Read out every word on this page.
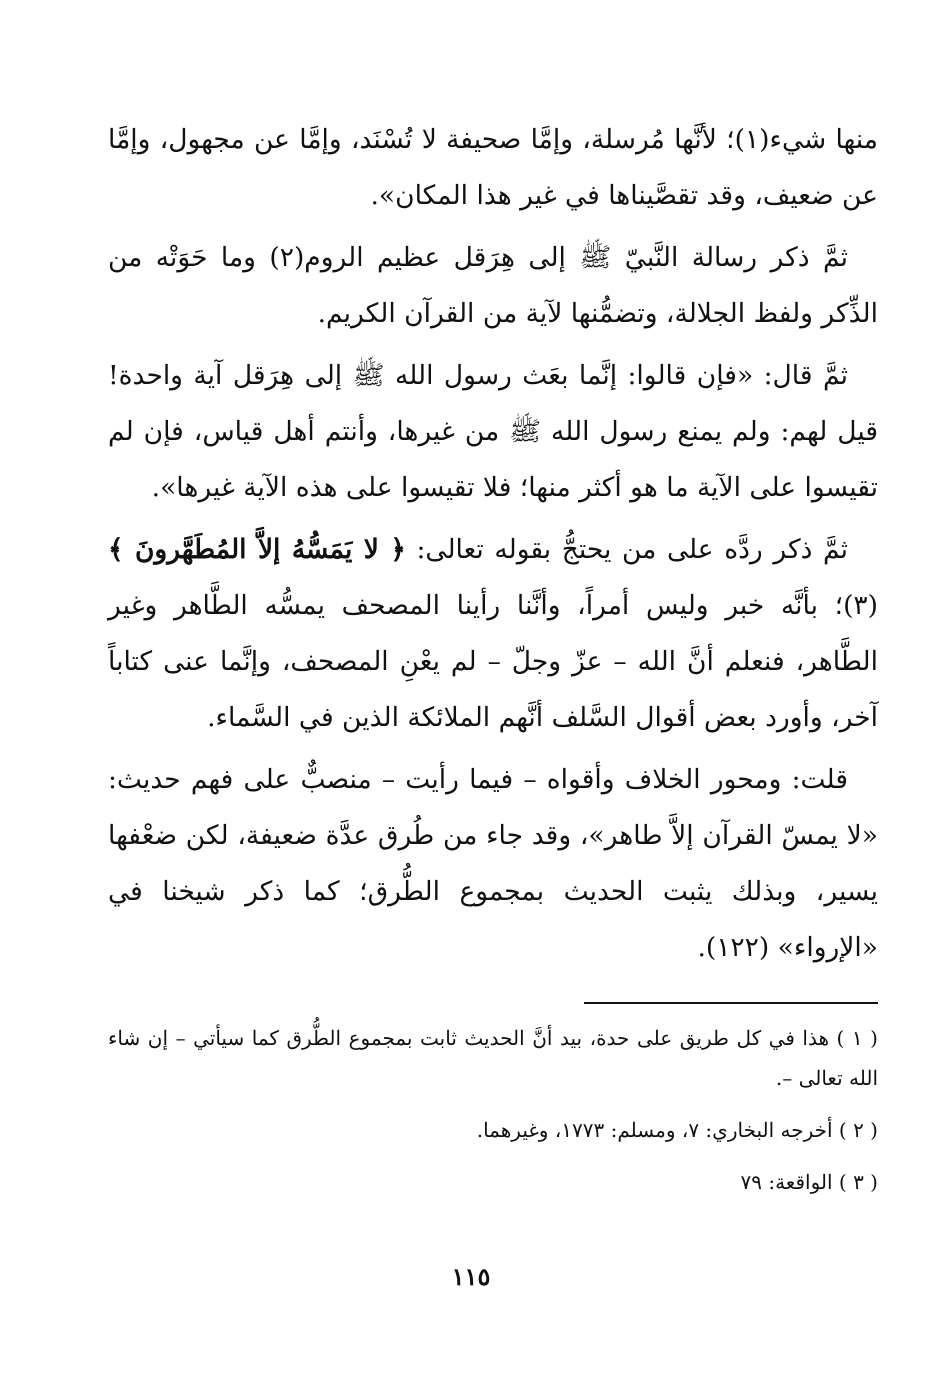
منها شيء(١)؛ لأنَّها مُرسلة، وإمَّا صحيفة لا تُسْنَد، وإمَّا عن مجهول، وإمَّا عن ضعيف، وقد تقصَّيناها في غير هذا المكان».

ثمَّ ذكر رسالة النَّبيّ ﷺ إلى هِرَقل عظيم الروم(٢) وما حَوَتْه من الذِّكر ولفظ الجلالة، وتضمُّنها لآية من القرآن الكريم.

ثمَّ قال: «فإن قالوا: إنَّما بعَث رسول الله ﷺ إلى هِرَقل آية واحدة! قيل لهم: ولم يمنع رسول الله ﷺ من غيرها، وأنتم أهل قياس، فإن لم تقيسوا على الآية ما هو أكثر منها؛ فلا تقيسوا على هذه الآية غيرها».

ثمَّ ذكر ردَّه على من يحتجُّ بقوله تعالى: ﴿ لا يَمَسُّهُ إلاَّ المُطَهَّرونَ ﴾(٣)؛ بأنَّه خبر وليس أمراً، وأنَّنا رأينا المصحف يمسُّه الطَّاهر وغير الطَّاهر، فنعلم أنَّ الله – عزّ وجلّ – لم يعْنِ المصحف، وإنَّما عنى كتاباً آخر، وأورد بعض أقوال السَّلف أنَّهم الملائكة الذين في السَّماء.

قلت: ومحور الخلاف وأقواه – فيما رأيت – منصبٌّ على فهم حديث: «لا يمسّ القرآن إلاَّ طاهر»، وقد جاء من طُرق عدَّة ضعيفة، لكن ضعْفها يسير، وبذلك يثبت الحديث بمجموع الطُّرق؛ كما ذكر شيخنا في «الإرواء» (١٢٢).

( ١ ) هذا في كل طريق على حدة، بيد أنَّ الحديث ثابت بمجموع الطُّرق كما سيأتي – إن شاء الله تعالى –.

( ٢ ) أخرجه البخاري: ٧، ومسلم: ١٧٧٣، وغيرهما.

( ٣ ) الواقعة: ٧٩

١١٥
